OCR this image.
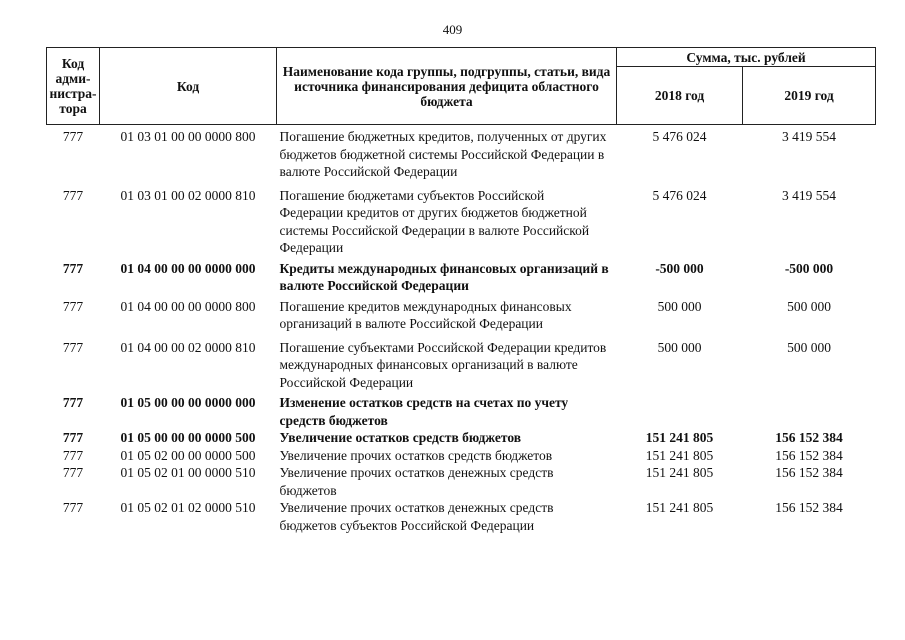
409
Код адми-нистра-тора	Код	Наименование кода группы, подгруппы, статьи, вида источника финансирования дефицита областного бюджета	Сумма, тыс. рублей	
			2018 год	2019 год
777	01 03 01 00 00 0000 800	Погашение бюджетных кредитов, полученных от других бюджетов бюджетной системы Российской Федерации в валюте Российской Федерации	5 476 024	3 419 554
777	01 03 01 00 02 0000 810	Погашение бюджетами субъектов Российской Федерации кредитов от других бюджетов бюджетной системы Российской Федерации в валюте Российской Федерации	5 476 024	3 419 554
777	01 04 00 00 00 0000 000	Кредиты международных финансовых организаций в валюте Российской Федерации	-500 000	-500 000
777	01 04 00 00 00 0000 800	Погашение кредитов международных финансовых организаций в валюте Российской Федерации	500 000	500 000
777	01 04 00 00 02 0000 810	Погашение субъектами Российской Федерации кредитов международных финансовых организаций в валюте Российской Федерации	500 000	500 000
777	01 05 00 00 00 0000 000	Изменение остатков средств на счетах по учету средств бюджетов		
777	01 05 00 00 00 0000 500	Увеличение остатков средств бюджетов	151 241 805	156 152 384
777	01 05 02 00 00 0000 500	Увеличение прочих остатков средств бюджетов	151 241 805	156 152 384
777	01 05 02 01 00 0000 510	Увеличение прочих остатков денежных средств бюджетов	151 241 805	156 152 384
777	01 05 02 01 02 0000 510	Увеличение прочих остатков денежных средств бюджетов субъектов Российской Федерации	151 241 805	156 152 384
